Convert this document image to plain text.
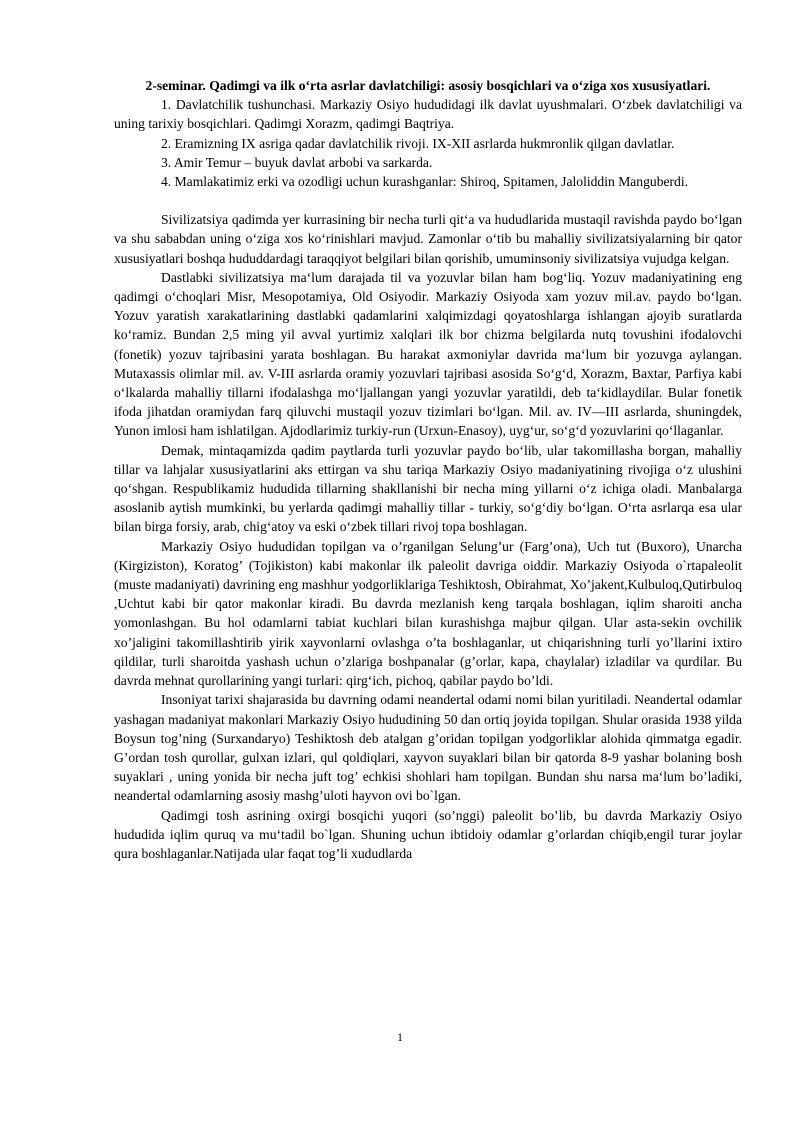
2-seminar. Qadimgi va ilk o‘rta asrlar davlatchiligi: asosiy bosqichlari va o‘ziga xos xususiyatlari.

1. Davlatchilik tushunchasi. Markaziy Osiyo hududidagi ilk davlat uyushmalari. O‘zbek davlatchiligi va uning tarixiy bosqichlari. Qadimgi Xorazm, qadimgi Baqtriya.

2. Eramizning IX asriga qadar davlatchilik rivoji. IX-XII asrlarda hukmronlik qilgan davlatlar.

3. Amir Temur – buyuk davlat arbobi va sarkarda.

4. Mamlakatimiz erki va ozodligi uchun kurashganlar: Shiroq, Spitamen, Jaloliddin Manguberdi.

Sivilizatsiya qadimda yer kurrasining bir necha turli qit‘a va hududlarida mustaqil ravishda paydo bo‘lgan va shu sababdan uning o‘ziga xos ko‘rinishlari mavjud. Zamonlar o‘tib bu mahalliy sivilizatsiyalarning bir qator xususiyatlari boshqa hududdardagi taraqqiyot belgilari bilan qorishib, umuminsoniy sivilizatsiya vujudga kelgan.

Dastlabki sivilizatsiya ma‘lum darajada til va yozuvlar bilan ham bog‘liq. Yozuv madaniyatining eng qadimgi o‘choqlari Misr, Mesopotamiya, Old Osiyodir. Markaziy Osiyoda xam yozuv mil.av. paydo bo‘lgan. Yozuv yaratish xarakatlarining dastlabki qadamlarini xalqimizdagi qoyatoshlarga ishlangan ajoyib suratlarda ko‘ramiz. Bundan 2,5 ming yil avval yurtimiz xalqlari ilk bor chizma belgilarda nutq tovushini ifodalovchi (fonetik) yozuv tajribasini yarata boshlagan. Bu harakat axmoniylar davrida ma‘lum bir yozuvga aylangan. Mutaxassis olimlar mil. av. V-III asrlarda oramiy yozuvlari tajribasi asosida So‘g‘d, Xorazm, Baxtar, Parfiya kabi o‘lkalarda mahalliy tillarni ifodalashga mo‘ljallangan yangi yozuvlar yaratildi, deb ta‘kidlaydilar. Bular fonetik ifoda jihatdan oramiydan farq qiluvchi mustaqil yozuv tizimlari bo‘lgan. Mil. av. IV—III asrlarda, shuningdek, Yunon imlosi ham ishlatilgan. Ajdodlarimiz turkiy-run (Urxun-Enasoy), uyg‘ur, so‘g‘d yozuvlarini qo‘llaganlar.

Demak, mintaqamizda qadim paytlarda turli yozuvlar paydo bo‘lib, ular takomillasha borgan, mahalliy tillar va lahjalar xususiyatlarini aks ettirgan va shu tariqa Markaziy Osiyo madaniyatining rivojiga o‘z ulushini qo‘shgan. Respublikamiz hududida tillarning shakllanishi bir necha ming yillarni o‘z ichiga oladi. Manbalarga asoslanib aytish mumkinki, bu yerlarda qadimgi mahalliy tillar - turkiy, so‘g‘diy bo‘lgan. O‘rta asrlarqa esa ular bilan birga forsiy, arab, chig‘atoy va eski o‘zbek tillari rivoj topa boshlagan.

Markaziy Osiyo hududidan topilgan va o’rganilgan Selung’ur (Farg’ona), Uch tut (Buxoro), Unarcha (Kirgiziston), Koratog’ (Tojikiston) kabi makonlar ilk paleolit davriga oiddir. Markaziy Osiyoda o`rtapaleolit (muste madaniyati) davrining eng mashhur yodgorliklariga Teshiktosh, Obirahmat, Xo’jakent,Kulbuloq,Qutirbuloq ,Uchtut kabi bir qator makonlar kiradi. Bu davrda mezlanish keng tarqala boshlagan, iqlim sharoiti ancha yomonlashgan. Bu hol odamlarni tabiat kuchlari bilan kurashishga majbur qilgan. Ular asta-sekin ovchilik xo’jaligini takomillashtirib yirik xayvonlarni ovlashga o’ta boshlaganlar, ut chiqarishning turli yo’llarini ixtiro qildilar, turli sharoitda yashash uchun o’zlariga boshpanalar (g’orlar, kapa, chaylalar) izladilar va qurdilar. Bu davrda mehnat qurollarining yangi turlari: qirg‘ich, pichoq, qabilar paydo bo’ldi.

Insoniyat tarixi shajarasida bu davrning odami neandertal odami nomi bilan yuritiladi. Neandertal odamlar yashagan madaniyat makonlari Markaziy Osiyo hududining 50 dan ortiq joyida topilgan. Shular orasida 1938 yilda Boysun tog’ning (Surxandaryo) Teshiktosh deb atalgan g’oridan topilgan yodgorliklar alohida qimmatga egadir. G’ordan tosh qurollar, gulxan izlari, qul qoldiqlari, xayvon suyaklari bilan bir qatorda 8-9 yashar bolaning bosh suyaklari , uning yonida bir necha juft tog’ echkisi shohlari ham topilgan. Bundan shu narsa ma‘lum bo’ladiki, neandertal odamlarning asosiy mashg’uloti hayvon ovi bo`lgan.

Qadimgi tosh asrining oxirgi bosqichi yuqori (so’nggi) paleolit bo’lib, bu davrda Markaziy Osiyo hududida iqlim quruq va mu‘tadil bo`lgan. Shuning uchun ibtidoiy odamlar g’orlardan chiqib,engil turar joylar qura boshlaganlar.Natijada ular faqat tog’li xududlarda

1
